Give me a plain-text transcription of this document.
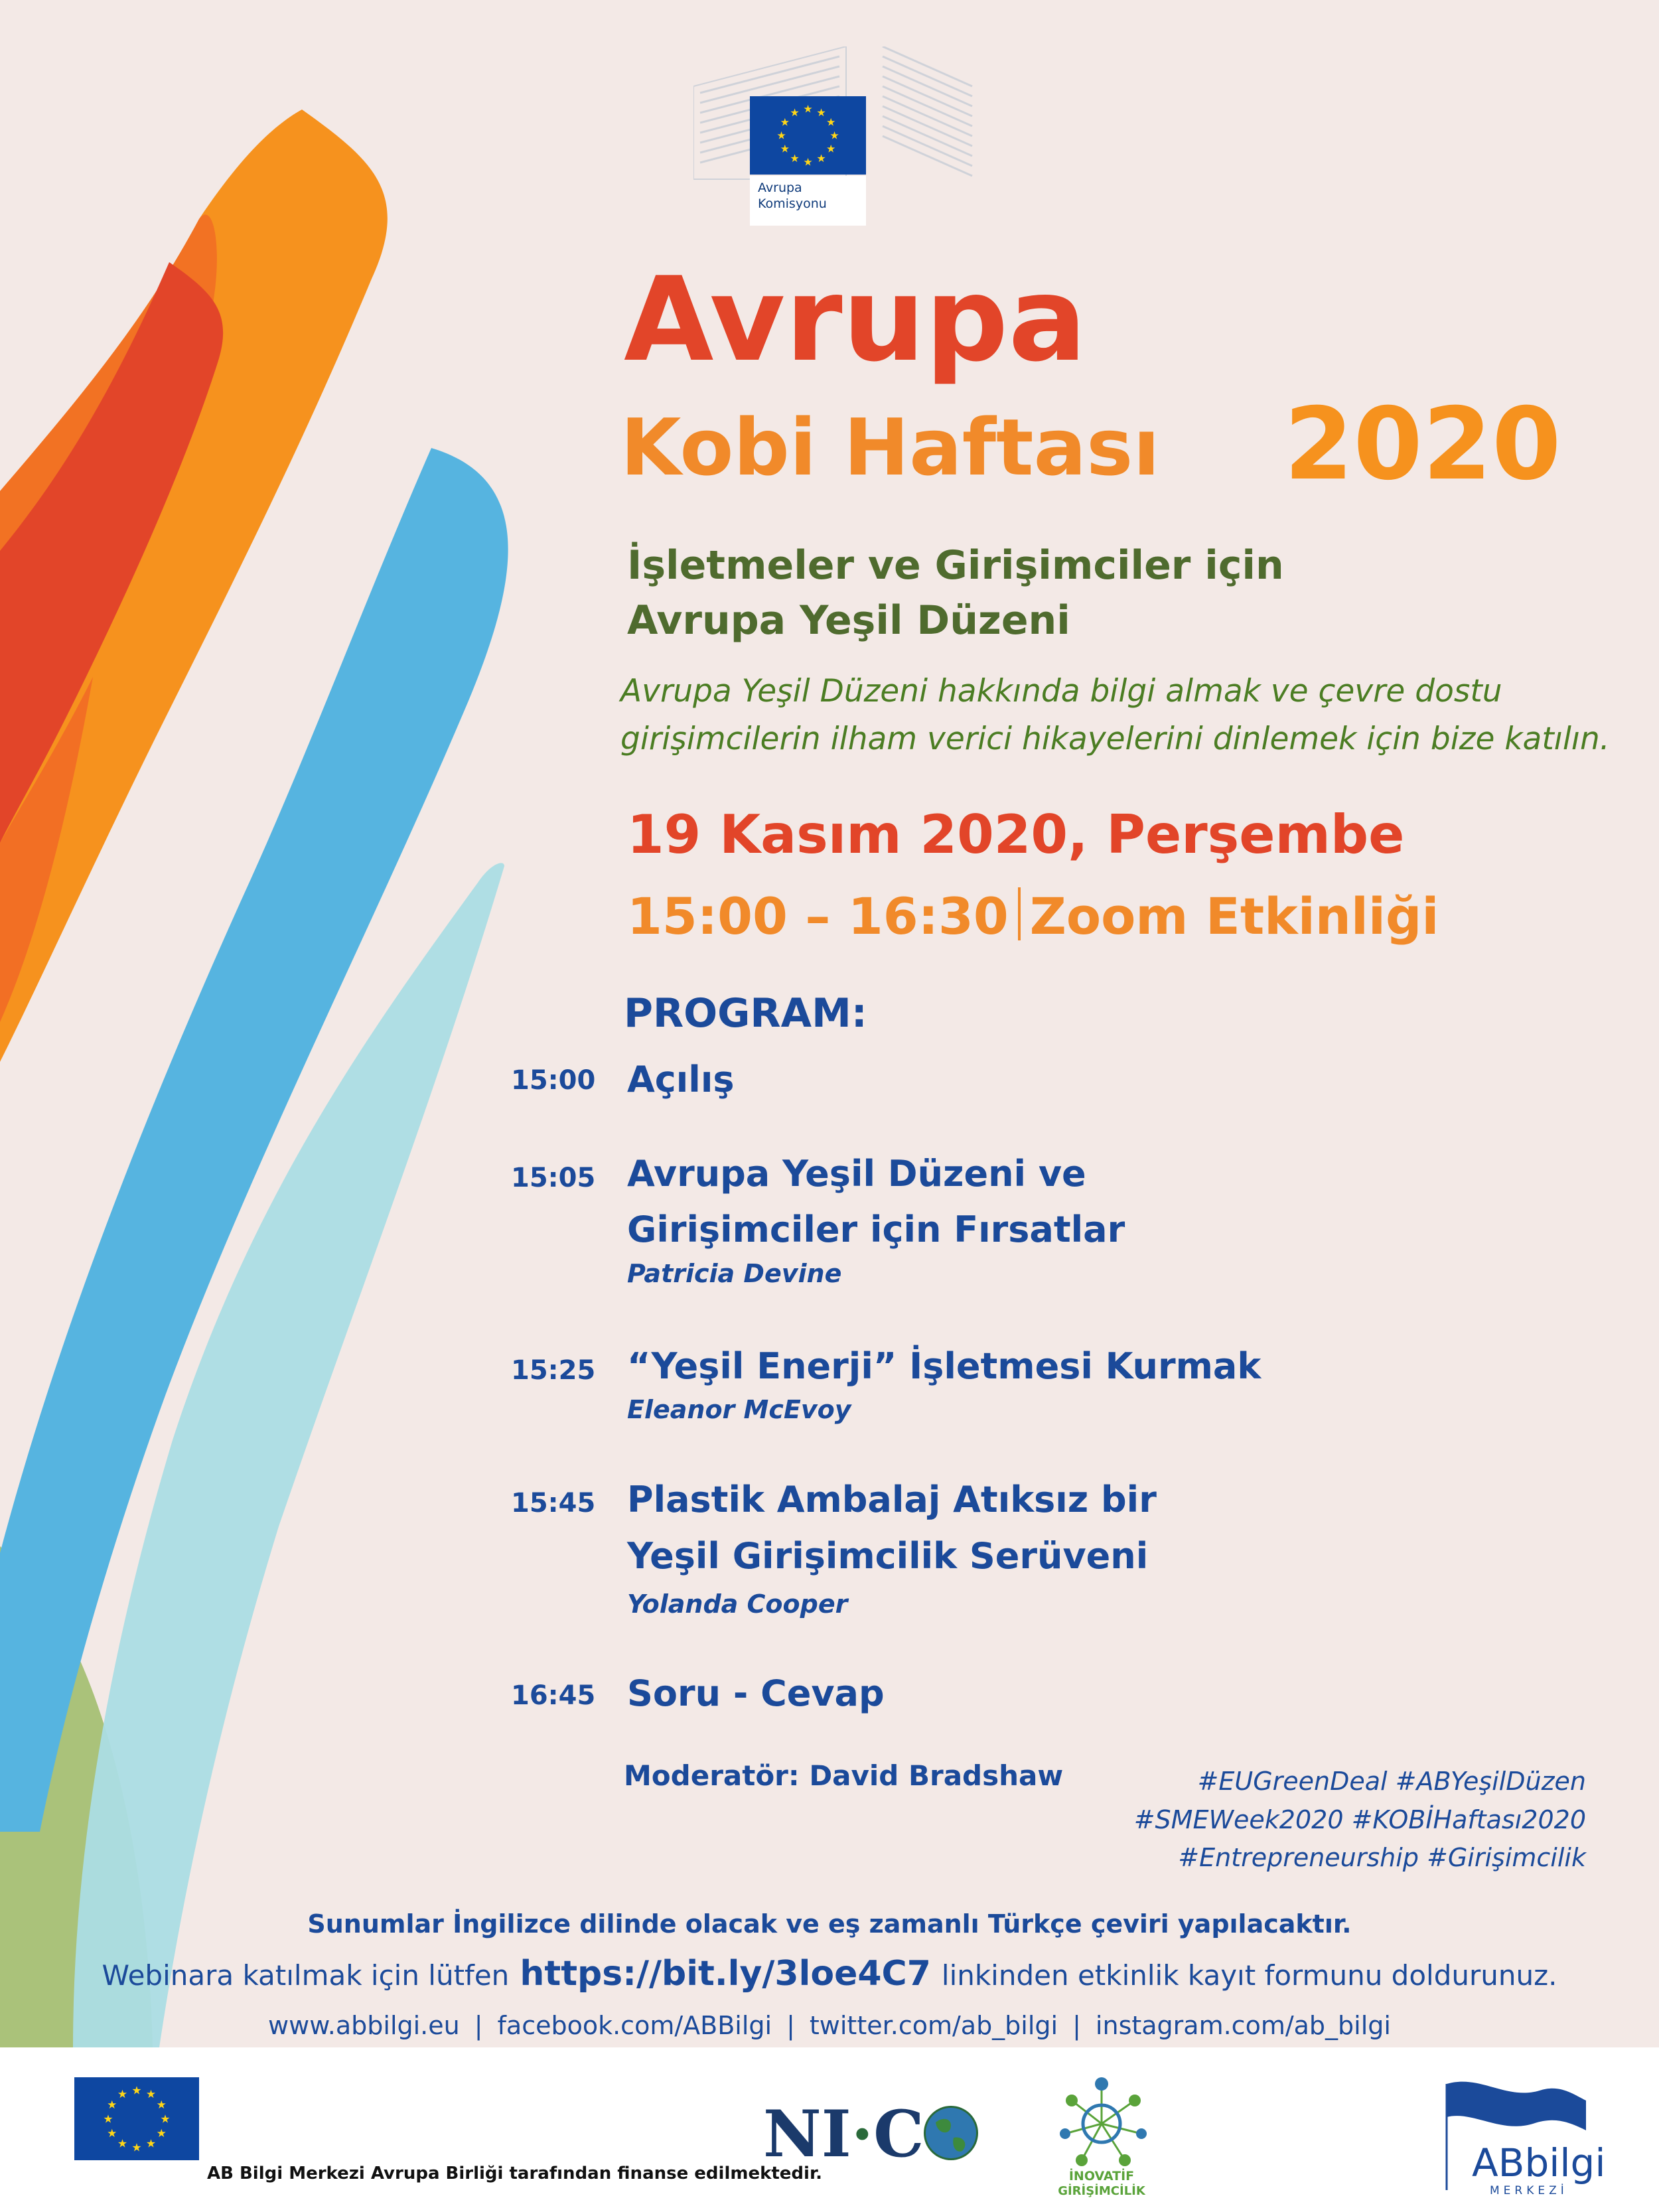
★ ★
★
★
★
★
★
★
★
★
★
★
Avrupa
Komisyonu
Avrupa
Kobi Haftası 2020
İşletmeler ve Girişimciler için
Avrupa Yeşil Düzeni
Avrupa Yeşil Düzeni hakkında bilgi almak ve çevre dostu
girişimcilerin ilham verici hikayelerini dinlemek için bize katılın.
19 Kasım 2020, Perşembe
15:00 – 16:30 Zoom Etkinliği
PROGRAM:
15:00 Açılış
15:05 Avrupa Yeşil Düzeni ve
Girişimciler için Fırsatlar
Patricia Devine
15:25 “Yeşil Enerji” İşletmesi Kurmak
Eleanor McEvoy
15:45 Plastik Ambalaj Atıksız bir
Yeşil Girişimcilik Serüveni
Yolanda Cooper
16:45 Soru - Cevap
Moderatör: David Bradshaw	#EUGreenDeal #ABYeşilDüzen
#SMEWeek2020 #KOBİHaftası2020
#Entrepreneurship #Girişimcilik
Sunumlar İngilizce dilinde olacak ve eş zamanlı Türkçe çeviri yapılacaktır.
Webinara katılmak için lütfen https://bit.ly/3loe4C7 linkinden etkinlik kayıt formunu doldurunuz.
www.abbilgi.eu | facebook.com/ABBilgi | twitter.com/ab_bilgi | instagram.com/ab_bilgi
★ ★
★
★
★
★
★
★
★
★
★
★
AB Bilgi Merkezi Avrupa Birliği tarafından finanse edilmektedir.
NI·C
İNOVATİF
GİRİŞİMCİLİK
ABbilgi
MERKEZİ
